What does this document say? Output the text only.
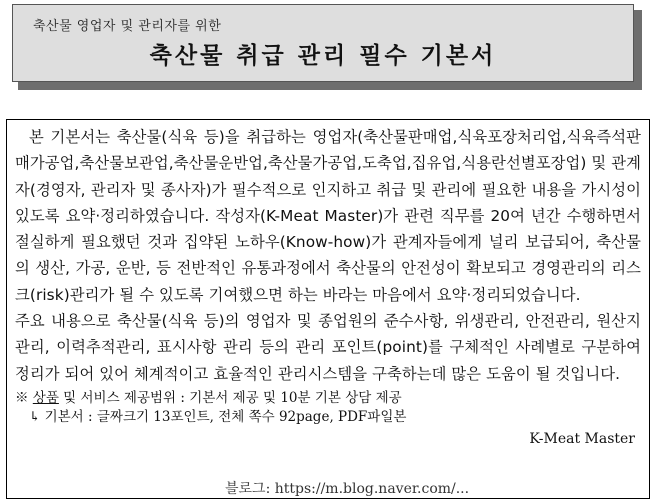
축산물 영업자 및 관리자를 위한
축산물 취급 관리 필수 기본서

본 기본서는 축산물(식육 등)을 취급하는 영업자(축산물판매업,식육포장처리업,식육즉석판매가공업,축산물보관업,축산물운반업,축산물가공업,도축업,집유업,식용란선별포장업) 및 관계자(경영자, 관리자 및 종사자)가 필수적으로 인지하고 취급 및 관리에 필요한 내용을 가시성이 있도록 요약·정리하였습니다. 작성자(K-Meat Master)가 관련 직무를 20여 년간 수행하면서 절실하게 필요했던 것과 집약된 노하우(Know-how)가 관계자들에게 널리 보급되어, 축산물의 생산, 가공, 운반, 등 전반적인 유통과정에서 축산물의 안전성이 확보되고 경영관리의 리스크(risk)관리가 될 수 있도록 기여했으면 하는 바라는 마음에서 요약·정리되었습니다.

주요 내용으로 축산물(식육 등)의 영업자 및 종업원의 준수사항, 위생관리, 안전관리, 원산지관리, 이력추적관리, 표시사항 관리 등의 관리 포인트(point)를 구체적인 사례별로 구분하여 정리가 되어 있어 체계적이고 효율적인 관리시스템을 구축하는데 많은 도움이 될 것입니다.

※ 상품 및 서비스 제공범위 : 기본서 제공 및 10분 기본 상담 제공
↳ 기본서 : 글짜크기 13포인트, 전체 쪽수 92page, PDF파일본
K-Meat Master
블로그: https://m.blog.naver.com/...
